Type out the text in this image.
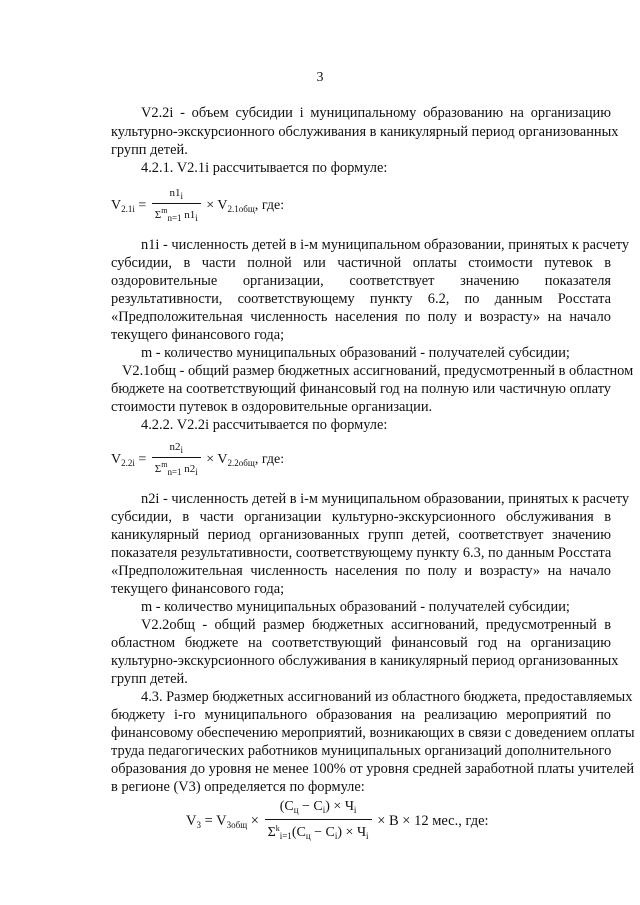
3
V2.2i - объем субсидии i муниципальному образованию на организацию
культурно-экскурсионного обслуживания в каникулярный период организованных
групп детей.
4.2.1. V2.1i рассчитывается по формуле:
$V_{2.1i} = \frac{n1_i}{\Sigma^m_{n=1} n1_i} \times V_{2.1общ}$, где:
n1i - численность детей в i-м муниципальном образовании, принятых к расчету
субсидии, в части полной или частичной оплаты стоимости путевок в
оздоровительные организации, соответствует значению показателя
результативности, соответствующему пункту 6.2, по данным Росстата
«Предположительная численность населения по полу и возрасту» на начало
текущего финансового года;
m - количество муниципальных образований - получателей субсидии;
V2.1общ - общий размер бюджетных ассигнований, предусмотренный в областном
бюджете на соответствующий финансовый год на полную или частичную оплату
стоимости путевок в оздоровительные организации.
4.2.2. V2.2i рассчитывается по формуле:
$V_{2.2i} = \frac{n2_i}{\Sigma^m_{n=1} n2_i} \times V_{2.2общ}$, где:
n2i - численность детей в i-м муниципальном образовании, принятых к расчету
субсидии, в части организации культурно-экскурсионного обслуживания в
каникулярный период организованных групп детей, соответствует значению
показателя результативности, соответствующему пункту 6.3, по данным Росстата
«Предположительная численность населения по полу и возрасту» на начало
текущего финансового года;
m - количество муниципальных образований - получателей субсидии;
V2.2общ - общий размер бюджетных ассигнований, предусмотренный в
областном бюджете на соответствующий финансовый год на организацию
культурно-экскурсионного обслуживания в каникулярный период организованных
групп детей.
4.3. Размер бюджетных ассигнований из областного бюджета, предоставляемых
бюджету i-го муниципального образования на реализацию мероприятий по
финансовому обеспечению мероприятий, возникающих в связи с доведением оплаты
труда педагогических работников муниципальных организаций дополнительного
образования до уровня не менее 100% от уровня средней заработной платы учителей
в регионе (V3) определяется по формуле:
$V_3 = V_{3общ} \times \frac{(С_ц - С_i) \times Ч_i}{\Sigma^k_{i=1}(С_ц - С_i) \times Ч_i} \times В \times 12$ мес., где:
